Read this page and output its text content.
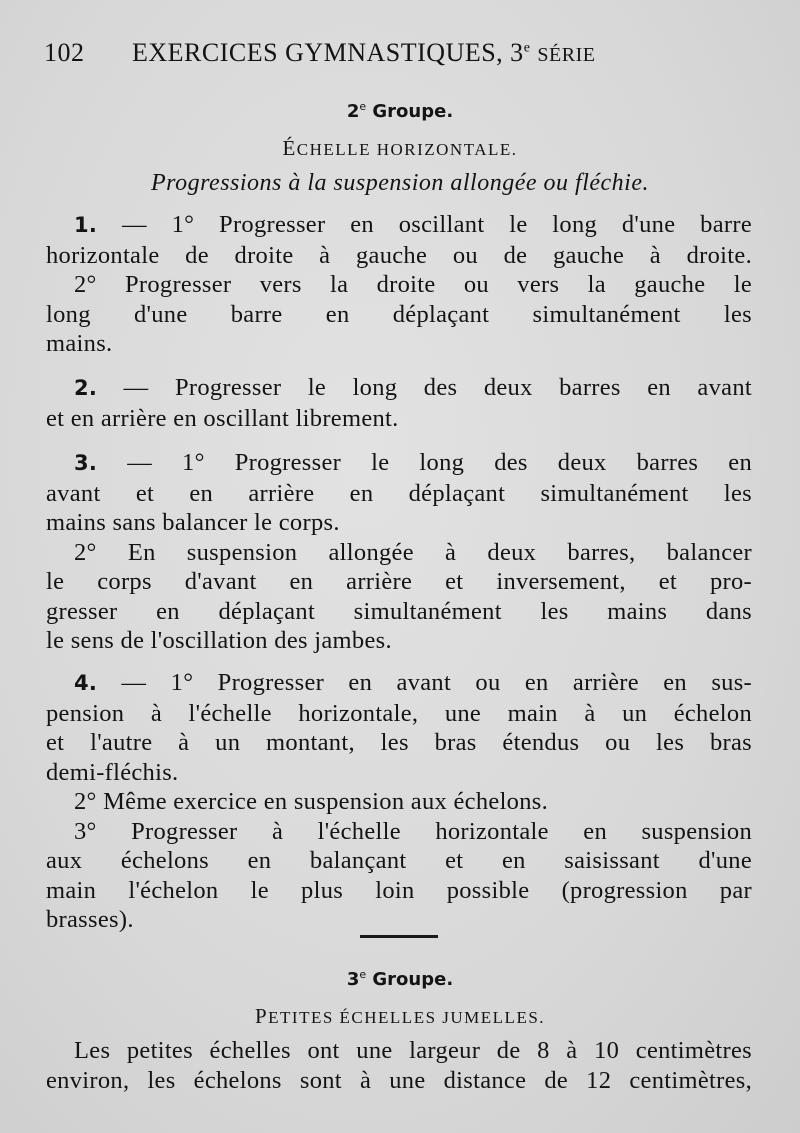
102 EXERCICES GYMNASTIQUES, 3e SÉRIE
2e Groupe.
ÉCHELLE HORIZONTALE.
Progressions à la suspension allongée ou fléchie.
1. — 1° Progresser en oscillant le long d'une barre
horizontale de droite à gauche ou de gauche à droite.
2° Progresser vers la droite ou vers la gauche le
long d'une barre en déplaçant simultanément les
mains.
2. — Progresser le long des deux barres en avant
et en arrière en oscillant librement.
3. — 1° Progresser le long des deux barres en
avant et en arrière en déplaçant simultanément les
mains sans balancer le corps.
2° En suspension allongée à deux barres, balancer
le corps d'avant en arrière et inversement, et pro-
gresser en déplaçant simultanément les mains dans
le sens de l'oscillation des jambes.
4. — 1° Progresser en avant ou en arrière en sus-
pension à l'échelle horizontale, une main à un échelon
et l'autre à un montant, les bras étendus ou les bras
demi-fléchis.
2° Même exercice en suspension aux échelons.
3° Progresser à l'échelle horizontale en suspension
aux échelons en balançant et en saisissant d'une
main l'échelon le plus loin possible (progression par
brasses).
3e Groupe.
PETITES ÉCHELLES JUMELLES.
Les petites échelles ont une largeur de 8 à 10 centimètres
environ, les échelons sont à une distance de 12 centimètres,
